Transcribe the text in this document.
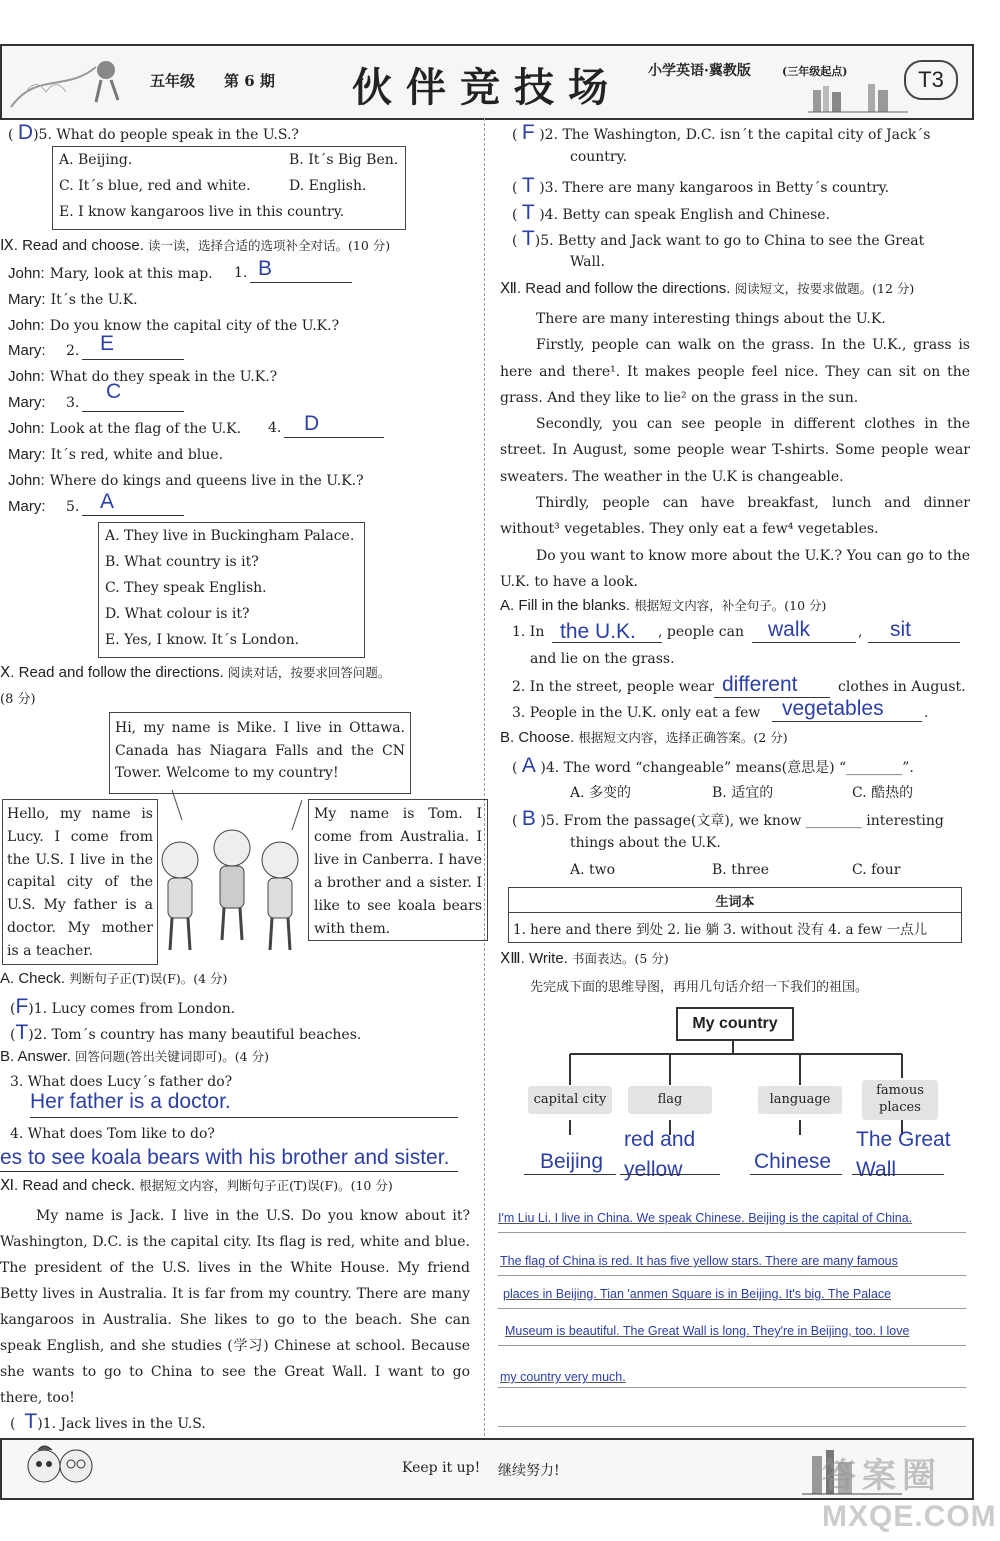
五年级 第 6 期 伙伴竞技场 小学英语·冀教版	(三年级起点)	T3
( D)5. What do people speak in the U.S.?
A. Beijing.	B. It´s Big Ben.
C. It´s blue, red and white.	D. English.
E. I know kangaroos live in this country.
Ⅸ. Read and choose. 读一读，选择合适的选项补全对话。(10 分)
John: Mary, look at this map. 1. B
Mary: It´s the U.K.
John: Do you know the capital city of the U.K.?
Mary: 2. E
John: What do they speak in the U.K.?
Mary: 3. C
John: Look at the flag of the U.K. 4. D
Mary: It´s red, white and blue.
John: Where do kings and queens live in the U.K.?
Mary: 5. A
A. They live in Buckingham Palace.
B. What country is it?
C. They speak English.
D. What colour is it?
E. Yes, I know. It´s London.
Ⅹ. Read and follow the directions. 阅读对话，按要求回答问题。
(8 分)
Hi, my name is Mike. I live in Ottawa. Canada has Niagara Falls and the CN Tower. Welcome to my country!
Hello, my name is Lucy. I come from the U.S. I live in the capital city of the U.S. My father is a doctor. My mother is a teacher.
My name is Tom. I come from Australia. I live in Canberra. I have a brother and a sister. I like to see koala bears with them.
A. Check. 判断句子正(T)误(F)。(4 分)
(F)1. Lucy comes from London.
(T)2. Tom´s country has many beautiful beaches.
B. Answer. 回答问题(答出关键词即可)。(4 分)
3. What does Lucy´s father do?
Her father is a doctor.
4. What does Tom like to do?
es to see koala bears with his brother and sister.
Ⅺ. Read and check. 根据短文内容，判断句子正(T)误(F)。(10 分)
My name is Jack. I live in the U.S. Do you know about it? Washington, D.C. is the capital city. Its flag is red, white and blue. The president of the U.S. lives in the White House. My friend Betty lives in Australia. It is far from my country. There are many kangaroos in Australia. She likes to go to the beach. She can speak English, and she studies (学习) Chinese at school. Because she wants to go to China to see the Great Wall. I want to go there, too!
(  T)1. Jack lives in the U.S.
( F )2. The Washington, D.C. isn´t the capital city of Jack´s
country.
( T )3. There are many kangaroos in Betty´s country.
( T )4. Betty can speak English and Chinese.
( T)5. Betty and Jack want to go to China to see the Great
Wall.
Ⅻ. Read and follow the directions. 阅读短文，按要求做题。(12 分)
There are many interesting things about the U.K.
Firstly, people can walk on the grass. In the U.K., grass is here and there¹. It makes people feel nice. They can sit on the grass. And they like to lie² on the grass in the sun.
Secondly, you can see people in different clothes in the street. In August, some people wear T-shirts. Some people wear sweaters. The weather in the U.K is changeable.
Thirdly, people can have breakfast, lunch and dinner without³ vegetables. They only eat a few⁴ vegetables.
Do you want to know more about the U.K.? You can go to the U.K. to have a look.
A. Fill in the blanks. 根据短文内容，补全句子。(10 分)
1. In the U.K. , people can walk	, sit
and lie on the grass.
2. In the street, people wear different	clothes in August.
3. People in the U.K. only eat a few vegetables	.
B. Choose. 根据短文内容，选择正确答案。(2 分)
( A )4. The word “changeable” means(意思是) “________”.
A. 多变的	B. 适宜的	C. 酷热的
( B )5. From the passage(文章), we know ________ interesting
things about the U.K.
A. two	B. three	C. four
生词本
1. here and there 到处 2. lie 躺 3. without 没有 4. a few 一点儿
ⅩⅢ. Write. 书面表达。(5 分)
先完成下面的思维导图，再用几句话介绍一下我们的祖国。
My country
capital city	flag	language
famous places
Beijing
red and yellow	Chinese
The Great Wall
I'm Liu Li. I live in China. We speak Chinese. Beijing is the capital of China.
The flag of China is red. It has five yellow stars. There are many famous
places in Beijing. Tian 'anmen Square is in Beijing. It's big. The Palace
Museum is beautiful. The Great Wall is long. They're in Beijing, too. I love
my country very much.
Keep it up! 继续努力!	答案圈
MXQE.COM
